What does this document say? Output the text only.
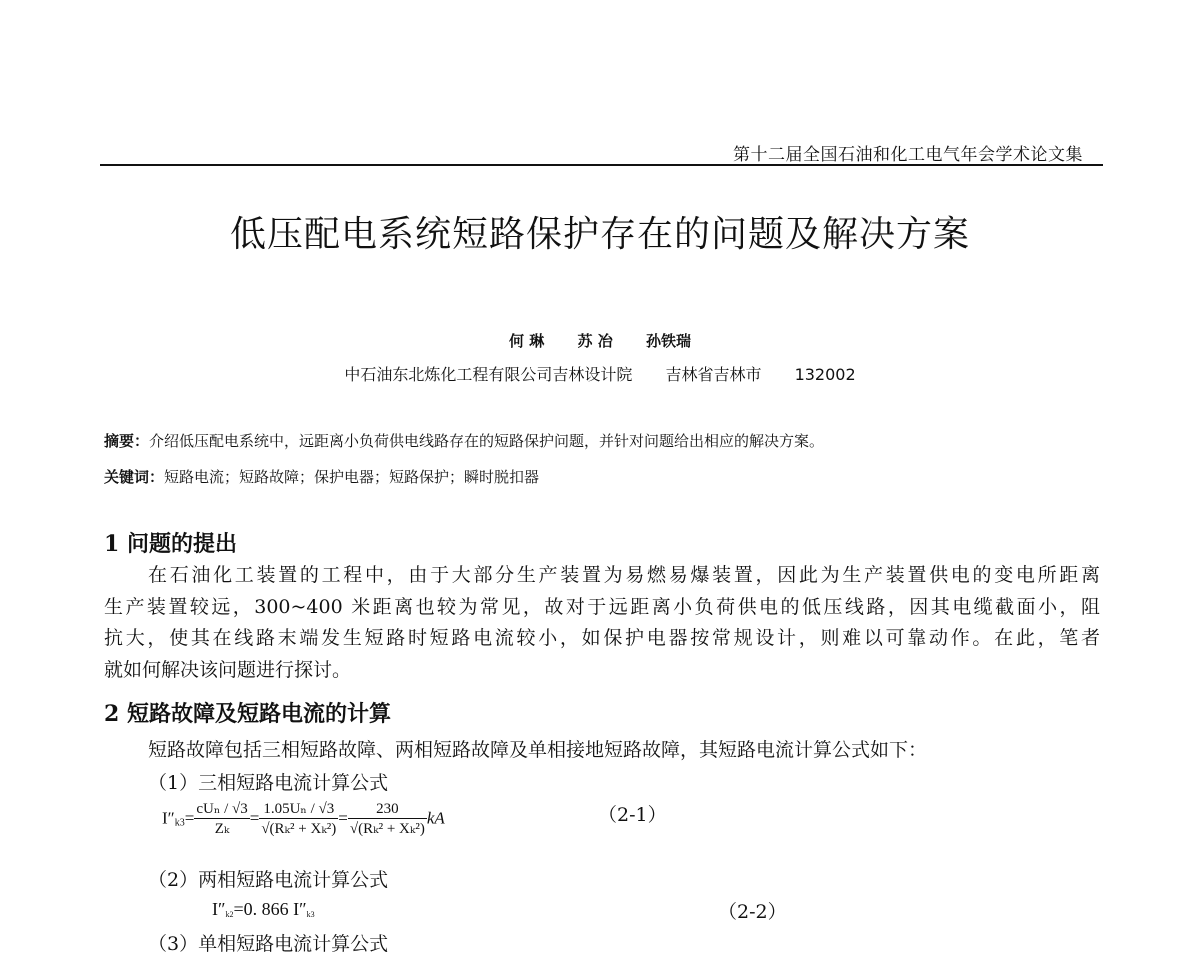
第十二届全国石油和化工电气年会学术论文集
低压配电系统短路保护存在的问题及解决方案
何 琳 苏 冶 孙铁瑞
中石油东北炼化工程有限公司吉林设计院 吉林省吉林市 132002
摘要：介绍低压配电系统中，远距离小负荷供电线路存在的短路保护问题，并针对问题给出相应的解决方案。
关键词：短路电流；短路故障；保护电器；短路保护；瞬时脱扣器
1 问题的提出

在石油化工装置的工程中，由于大部分生产装置为易燃易爆装置，因此为生产装置供电的变电所距离

生产装置较远，300~400 米距离也较为常见，故对于远距离小负荷供电的低压线路，因其电缆截面小，阻

抗大，使其在线路末端发生短路时短路电流较小，如保护电器按常规设计，则难以可靠动作。在此，笔者

就如何解决该问题进行探讨。

2 短路故障及短路电流的计算
短路故障包括三相短路故障、两相短路故障及单相接地短路故障，其短路电流计算公式如下：
（1）三相短路电流计算公式
$I''_{k3}= \frac{\text{cUₙ / √3}}{\text{Zₖ}} = \frac{\text{1.05Uₙ / √3}}{\text{√(Rₖ² + Xₖ²)}} = \frac{230}{\text{√(Rₖ² + Xₖ²)}}$ kA	（2-1）
（2）两相短路电流计算公式
I″k2=0. 866 I″k3	（2-2）
（3）单相短路电流计算公式
